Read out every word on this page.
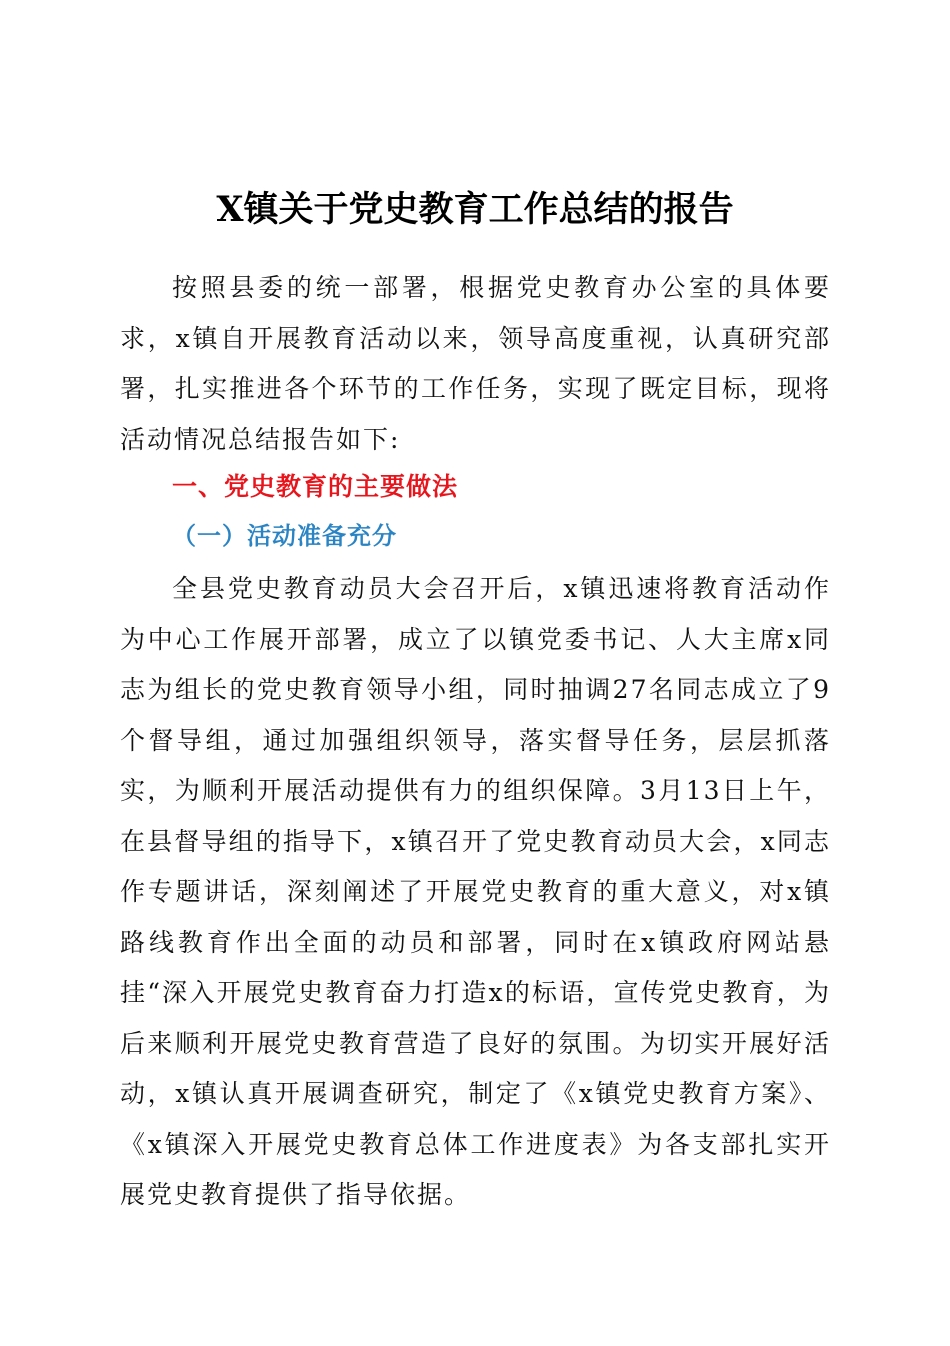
X镇关于党史教育工作总结的报告

按照县委的统一部署，根据党史教育办公室的具体要求，x镇自开展教育活动以来，领导高度重视，认真研究部署，扎实推进各个环节的工作任务，实现了既定目标，现将活动情况总结报告如下:

一、党史教育的主要做法
（一）活动准备充分

全县党史教育动员大会召开后，x镇迅速将教育活动作为中心工作展开部署，成立了以镇党委书记、人大主席x同志为组长的党史教育领导小组，同时抽调27名同志成立了9个督导组，通过加强组织领导，落实督导任务，层层抓落实，为顺利开展活动提供有力的组织保障。3月13日上午，在县督导组的指导下，x镇召开了党史教育动员大会，x同志作专题讲话，深刻阐述了开展党史教育的重大意义，对x镇路线教育作出全面的动员和部署，同时在x镇政府网站悬挂“深入开展党史教育奋力打造x的标语，宣传党史教育，为后来顺利开展党史教育营造了良好的氛围。为切实开展好活动，x镇认真开展调查研究，制定了《x镇党史教育方案》、《x镇深入开展党史教育总体工作进度表》为各支部扎实开展党史教育提供了指导依据。
